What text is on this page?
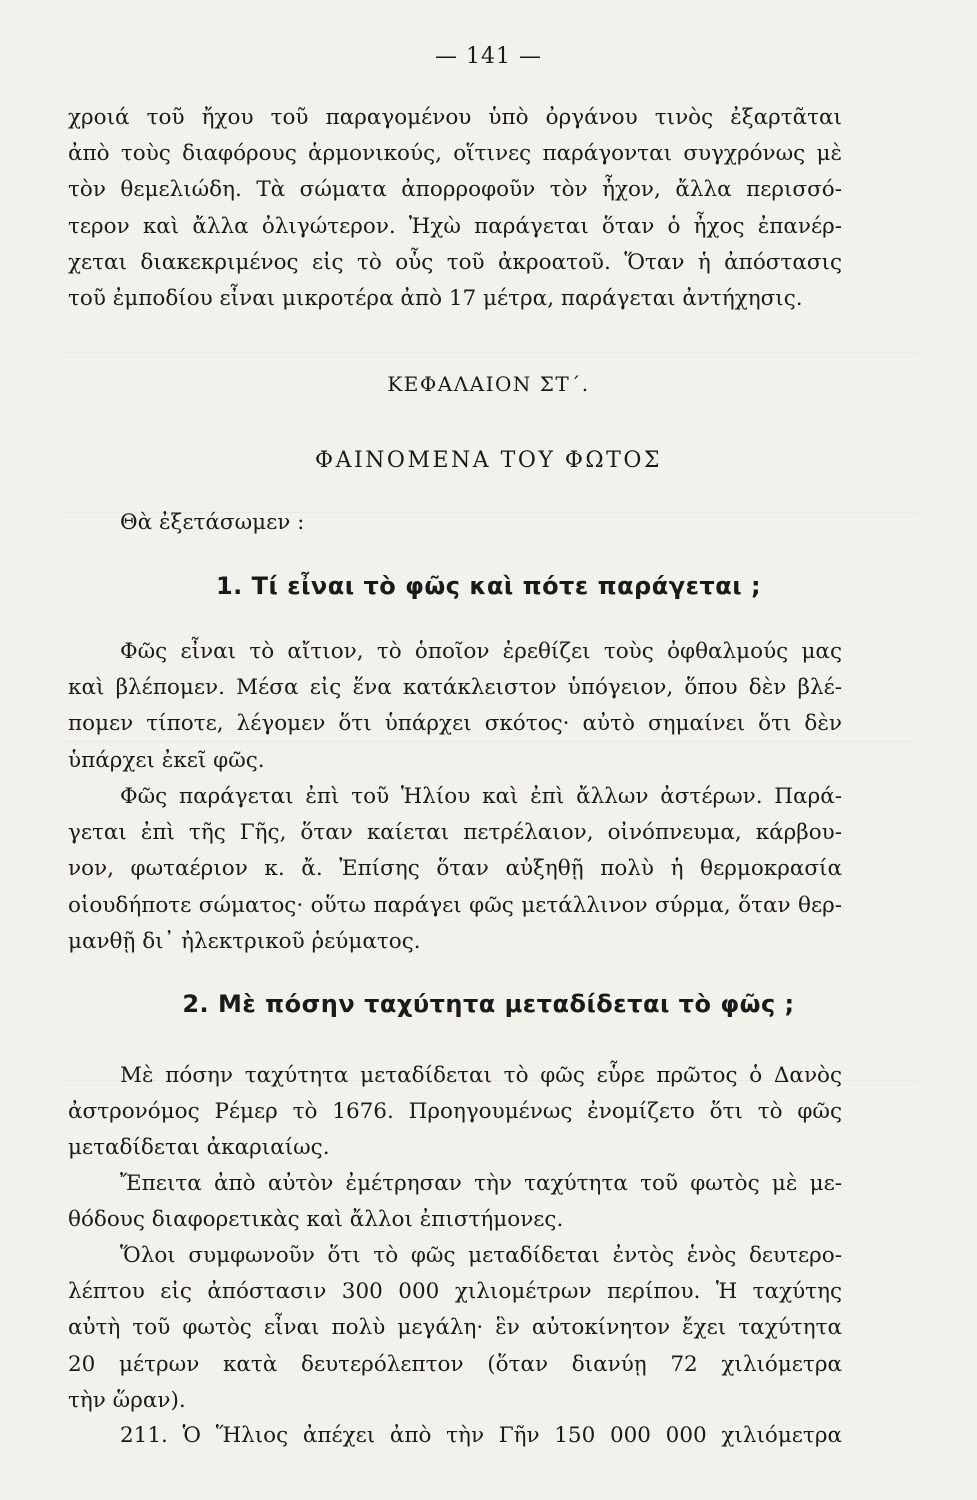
— 141 —
χροιά τοῦ ἤχου τοῦ παραγομένου ὑπὸ ὀργάνου τινὸς ἐξαρτᾶται
ἀπὸ τοὺς διαφόρους ἁρμονικούς, οἵτινες παράγονται συγχρόνως μὲ
τὸν θεμελιώδη. Τὰ σώματα ἀπορροφοῦν τὸν ἦχον, ἄλλα περισσό-
τερον καὶ ἄλλα ὀλιγώτερον. Ἠχὼ παράγεται ὅταν ὁ ἦχος ἐπανέρ-
χεται διακεκριμένος εἰς τὸ οὖς τοῦ ἀκροατοῦ. Ὅταν ἡ ἀπόστασις
τοῦ ἐμποδίου εἶναι μικροτέρα ἀπὸ 17 μέτρα, παράγεται ἀντήχησις.
ΚΕΦΑΛΑΙΟΝ ΣΤ΄.
ΦΑΙΝΟΜΕΝΑ ΤΟΥ ΦΩΤΟΣ
Θὰ ἐξετάσωμεν :
1. Τί εἶναι τὸ φῶς καὶ πότε παράγεται ;
Φῶς εἶναι τὸ αἴτιον, τὸ ὁποῖον ἐρεθίζει τοὺς ὀφθαλμούς μας
καὶ βλέπομεν. Μέσα εἰς ἕνα κατάκλειστον ὑπόγειον, ὅπου δὲν βλέ-
πομεν τίποτε, λέγομεν ὅτι ὑπάρχει σκότος· αὐτὸ σημαίνει ὅτι δὲν
ὑπάρχει ἐκεῖ φῶς.
Φῶς παράγεται ἐπὶ τοῦ Ἡλίου καὶ ἐπὶ ἄλλων ἀστέρων. Παρά-
γεται ἐπὶ τῆς Γῆς, ὅταν καίεται πετρέλαιον, οἰνόπνευμα, κάρβου-
νον, φωταέριον κ. ἄ. Ἐπίσης ὅταν αὐξηθῇ πολὺ ἡ θερμοκρασία
οἱουδήποτε σώματος· οὕτω παράγει φῶς μετάλλινον σύρμα, ὅταν θερ-
μανθῇ δι᾽ ἠλεκτρικοῦ ῥεύματος.
2. Μὲ πόσην ταχύτητα μεταδίδεται τὸ φῶς ;
Μὲ πόσην ταχύτητα μεταδίδεται τὸ φῶς εὗρε πρῶτος ὁ Δανὸς
ἀστρονόμος Ρέμερ τὸ 1676. Προηγουμένως ἐνομίζετο ὅτι τὸ φῶς
μεταδίδεται ἀκαριαίως.
Ἔπειτα ἀπὸ αὐτὸν ἐμέτρησαν τὴν ταχύτητα τοῦ φωτὸς μὲ με-
θόδους διαφορετικὰς καὶ ἄλλοι ἐπιστήμονες.
Ὅλοι συμφωνοῦν ὅτι τὸ φῶς μεταδίδεται ἐντὸς ἑνὸς δευτερο-
λέπτου εἰς ἀπόστασιν 300 000 χιλιομέτρων περίπου. Ἡ ταχύτης
αὐτὴ τοῦ φωτὸς εἶναι πολὺ μεγάλη· ἓν αὐτοκίνητον ἔχει ταχύτητα
20 μέτρων κατὰ δευτερόλεπτον (ὅταν διανύῃ 72 χιλιόμετρα
τὴν ὥραν).
211. Ὁ Ἥλιος ἀπέχει ἀπὸ τὴν Γῆν 150 000 000 χιλιόμετρα
